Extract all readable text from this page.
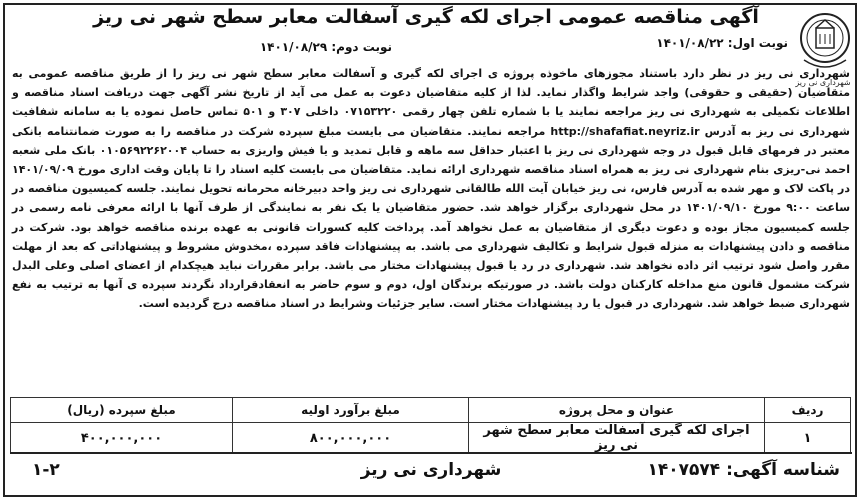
شهرداری نی ریز
آگهی مناقصه عمومی اجرای لکه گیری آسفالت معابر سطح شهر نی ریز
نوبت اول: ۱۴۰۱/۰۸/۲۲
نوبت دوم: ۱۴۰۱/۰۸/۲۹

شهرداری نی ریز در نظر دارد باستناد مجوزهای ماخوذه پروژه ی اجرای لکه گیری و آسفالت معابر سطح شهر نی ریز را از طریق مناقصه عمومی به متقاضیان (حقیقی و حقوقی) واجد شرایط واگذار نماید. لذا از کلیه متقاضیان دعوت به عمل می آید از تاریخ نشر آگهی جهت دریافت اسناد مناقصه و اطلاعات تکمیلی به شهرداری نی ریز مراجعه نمایند یا با شماره تلفن چهار رقمی ۰۷۱۵۳۲۲۰ داخلی ۳۰۷ و ۵۰۱ تماس حاصل نموده یا به سامانه شفافیت شهرداری نی ریز به آدرس http://shafafiat.neyriz.ir مراجعه نمایند. متقاضیان می بایست مبلغ سپرده شرکت در مناقصه را به صورت ضمانتنامه بانکی معتبر در فرمهای قابل قبول در وجه شهرداری نی ریز با اعتبار حداقل سه ماهه و قابل تمدید و یا فیش واریزی به حساب ۰۱۰۵۶۹۲۲۶۲۰۰۴ بانک ملی شعبه احمد نی-ریزی بنام شهرداری نی ریز به همراه اسناد مناقصه شهرداری ارائه نماید. متقاضیان می بایست کلیه اسناد را تا پایان وقت اداری مورخ ۱۴۰۱/۰۹/۰۹ در پاکت لاک و مهر شده به آدرس فارس، نی ریز خیابان آیت الله طالقانی شهرداری نی ریز واحد دبیرخانه محرمانه تحویل نمایند. جلسه کمیسیون مناقصه در ساعت ۹:۰۰ مورخ ۱۴۰۱/۰۹/۱۰ در محل شهرداری برگزار خواهد شد. حضور متقاضیان یا یک نفر به نمایندگی از طرف آنها با ارائه معرفی نامه رسمی در جلسه کمیسیون مجاز بوده و دعوت دیگری از متقاضیان به عمل نخواهد آمد. پرداخت کلیه کسورات قانونی به عهده برنده مناقصه خواهد بود. شرکت در مناقصه و دادن پیشنهادات به منزله قبول شرایط و تکالیف شهرداری می باشد. به پیشنهادات فاقد سپرده ،مخدوش مشروط و پیشنهاداتی که بعد از مهلت مقرر واصل شود ترتیب اثر داده نخواهد شد. شهرداری در رد یا قبول پیشنهادات مختار می باشد. برابر مقررات نباید هیچکدام از اعضای اصلی وعلی البدل شرکت مشمول قانون منع مداخله کارکنان دولت باشد. در صورتیکه برندگان اول، دوم و سوم حاضر به انعقادقرارداد نگردند سپرده ی آنها به ترتیب به نفع شهرداری ضبط خواهد شد. شهرداری در قبول یا رد پیشنهادات مختار است. سایر جزئیات وشرایط در اسناد مناقصه درج گردیده است.

ردیف	عنوان و محل پروژه	مبلغ برآورد اولیه	مبلغ سپرده (ریال)
۱	اجرای لکه گیری آسفالت معابر سطح شهر نی ریز	۸۰۰,۰۰۰,۰۰۰	۴۰۰,۰۰۰,۰۰۰
شناسه آگهی: ۱۴۰۷۵۷۴
شهرداری نی ریز
۱-۲
